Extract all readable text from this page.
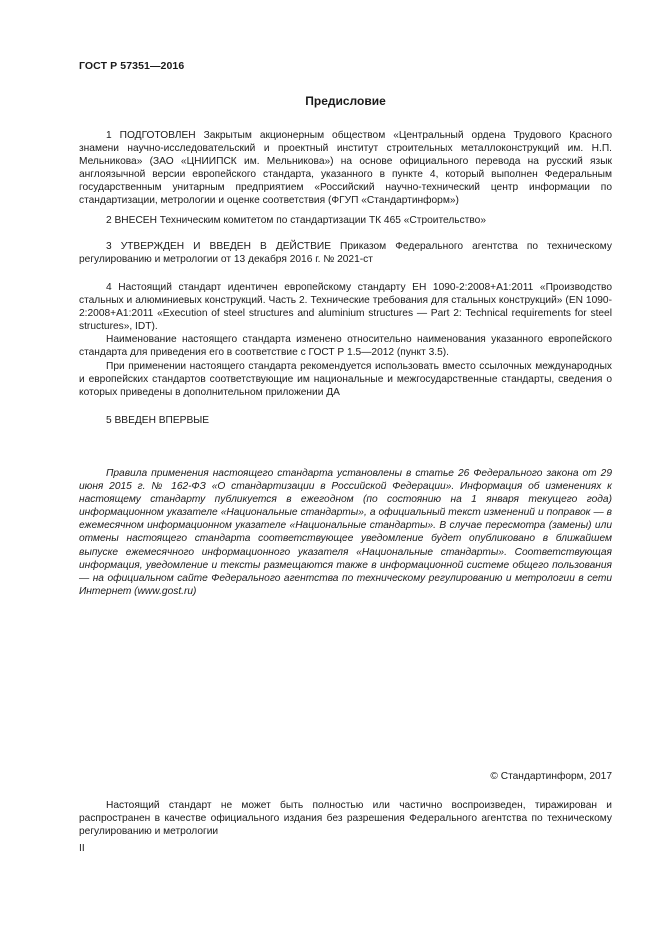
ГОСТ Р 57351—2016
Предисловие

1 ПОДГОТОВЛЕН Закрытым акционерным обществом «Центральный ордена Трудового Красного знамени научно-исследовательский и проектный институт строительных металлоконструкций им. Н.П. Мельникова» (ЗАО «ЦНИИПСК им. Мельникова») на основе официального перевода на русский язык англоязычной версии европейского стандарта, указанного в пункте 4, который выполнен Федеральным государственным унитарным предприятием «Российский научно-технический центр информации по стандартизации, метрологии и оценке соответствия (ФГУП «Стандартинформ»)

2 ВНЕСЕН Техническим комитетом по стандартизации ТК 465 «Строительство»

3 УТВЕРЖДЕН И ВВЕДЕН В ДЕЙСТВИЕ Приказом Федерального агентства по техническому регулированию и метрологии от 13 декабря 2016 г. № 2021-ст

4 Настоящий стандарт идентичен европейскому стандарту ЕН 1090-2:2008+А1:2011 «Производство стальных и алюминиевых конструкций. Часть 2. Технические требования для стальных конструкций» (EN 1090-2:2008+A1:2011 «Execution of steel structures and aluminium structures — Part 2: Technical requirements for steel structures», IDT).

Наименование настоящего стандарта изменено относительно наименования указанного европейского стандарта для приведения его в соответствие с ГОСТ Р 1.5—2012 (пункт 3.5).

При применении настоящего стандарта рекомендуется использовать вместо ссылочных международных и европейских стандартов соответствующие им национальные и межгосударственные стандарты, сведения о которых приведены в дополнительном приложении ДА

5 ВВЕДЕН ВПЕРВЫЕ

Правила применения настоящего стандарта установлены в статье 26 Федерального закона от 29 июня 2015 г. № 162-ФЗ «О стандартизации в Российской Федерации». Информация об изменениях к настоящему стандарту публикуется в ежегодном (по состоянию на 1 января текущего года) информационном указателе «Национальные стандарты», а официальный текст изменений и поправок — в ежемесячном информационном указателе «Национальные стандарты». В случае пересмотра (замены) или отмены настоящего стандарта соответствующее уведомление будет опубликовано в ближайшем выпуске ежемесячного информационного указателя «Национальные стандарты». Соответствующая информация, уведомление и тексты размещаются также в информационной системе общего пользования — на официальном сайте Федерального агентства по техническому регулированию и метрологии в сети Интернет (www.gost.ru)

© Стандартинформ, 2017

Настоящий стандарт не может быть полностью или частично воспроизведен, тиражирован и распространен в качестве официального издания без разрешения Федерального агентства по техническому регулированию и метрологии

II
